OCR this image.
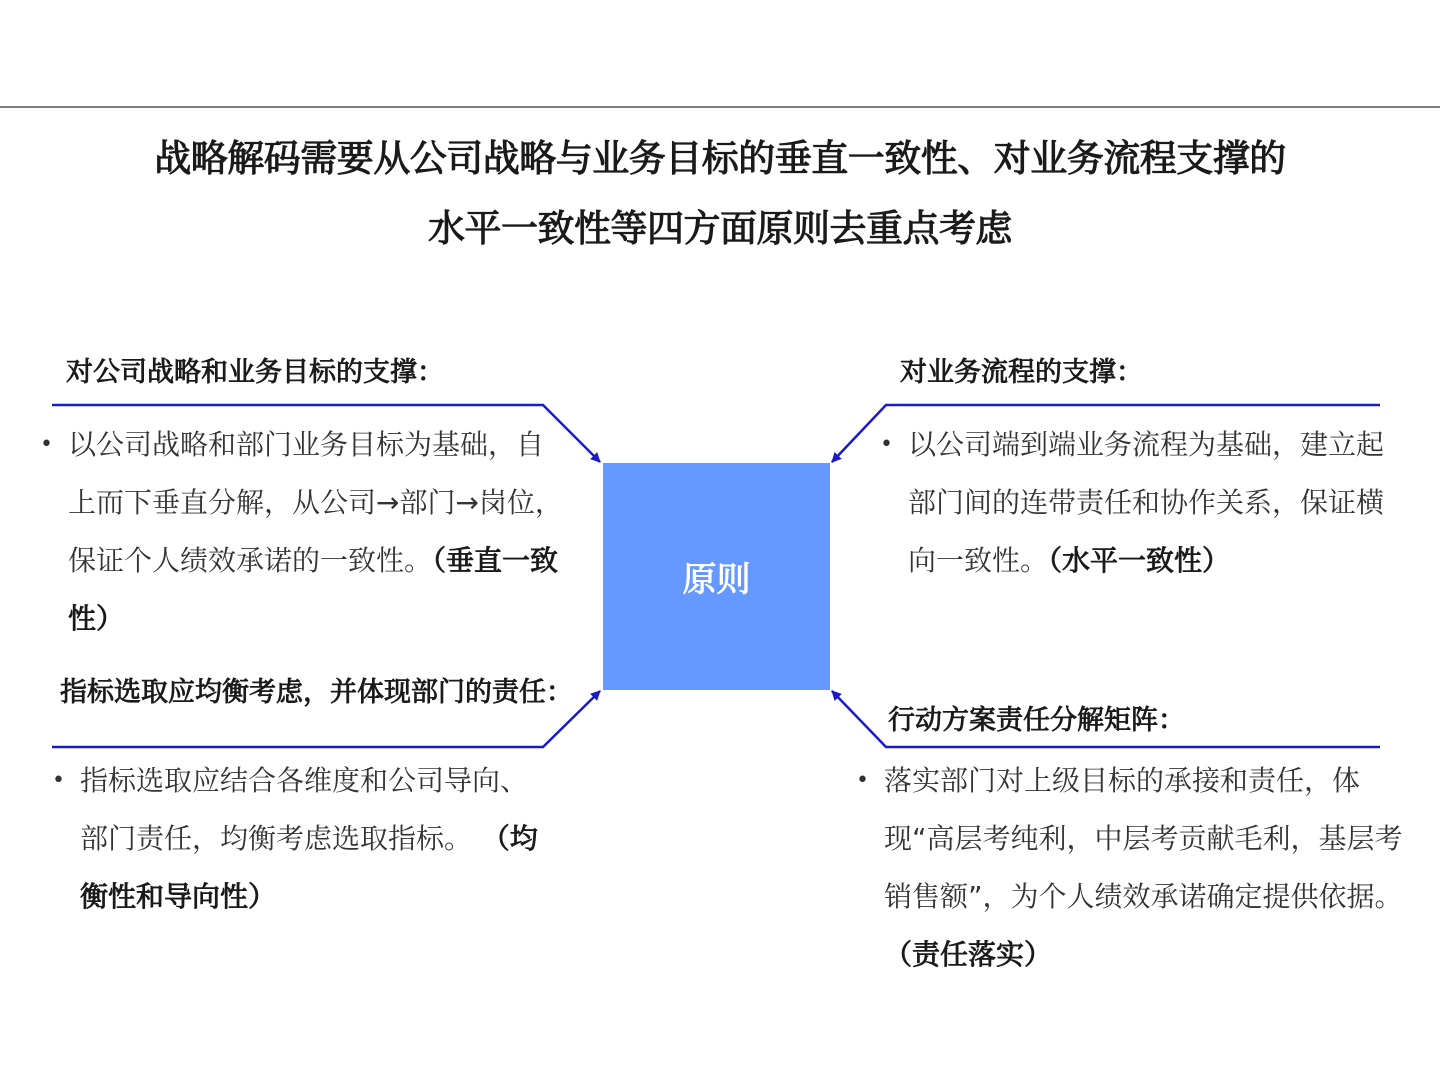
战略解码需要从公司战略与业务目标的垂直一致性、对业务流程支撑的
水平一致性等四方面原则去重点考虑
原则
对公司战略和业务目标的支撑：
• 以公司战略和部门业务目标为基础，自上而下垂直分解，从公司→部门→岗位，保证个人绩效承诺的一致性。（垂直一致性）
对业务流程的支撑：
• 以公司端到端业务流程为基础，建立起部门间的连带责任和协作关系，保证横向一致性。（水平一致性）
指标选取应均衡考虑，并体现部门的责任：
• 指标选取应结合各维度和公司导向、部门责任，均衡考虑选取指标。 （均衡性和导向性）
行动方案责任分解矩阵：
• 落实部门对上级目标的承接和责任，体现“高层考纯利，中层考贡献毛利，基层考销售额”，为个人绩效承诺确定提供依据。 （责任落实）
